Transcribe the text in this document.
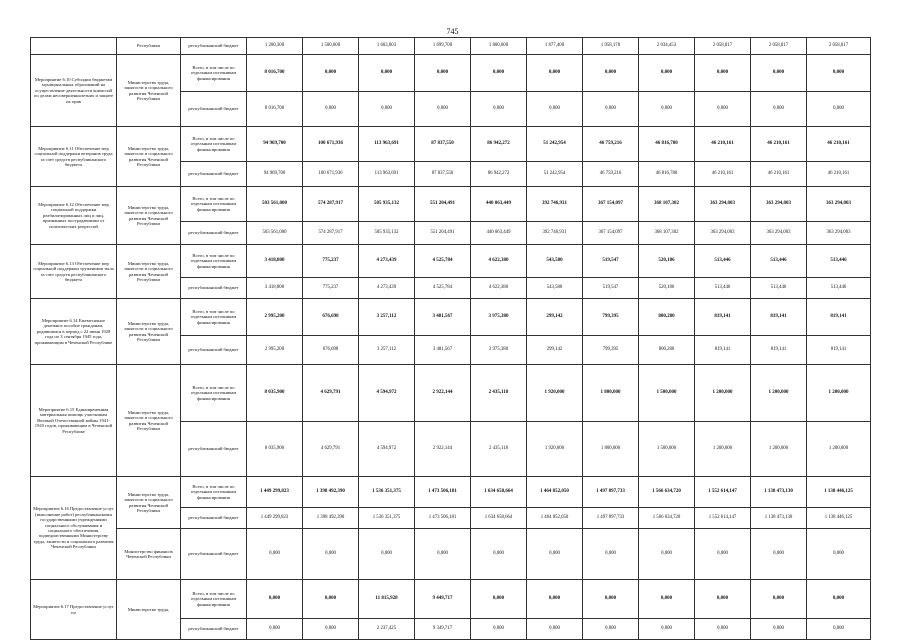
745
	Республики	республиканский бюджет	1 200,300	1 500,000	1 603,003	1 699,700	1 800,000	1 877,400	1 958,178	2 034,453	2 058,817	2 058,817	2 058,817
Мероприятие 6.10 Субсидии бюджетам муниципальных образований на осуществление деятельности комиссий по делам несовершеннолетних и защите их прав	Министерство труда, занятости и социального развития Чеченской Республики	Всего, в том числе по отдельным источникам финансирования	8 016,700	0,000	0,000	0,000	0,000	0,000	0,000	0,000	0,000	0,000	0,000
		республиканский бюджет	8 016,700	0,000	0,000	0,000	0,000	0,000	0,000	0,000	0,000	0,000	0,000
Мероприятие 6.11 Обеспечение мер социальной поддержки ветеранов труда за счет средств республиканского бюджета	Министерство труда, занятости и социального развития Чеченской Республики	Всего, в том числе по отдельным источникам финансирования	94 969,700	100 671,936	113 963,691	87 837,550	86 942,272	51 242,954	46 759,216	46 816,780	46 210,161	46 210,161	46 210,161
		республиканский бюджет	94 969,700	100 671,936	113 963,691	87 837,550	86 942,272	51 242,954	46 759,216	46 816,780	46 210,161	46 210,161	46 210,161
Мероприятие 6.12 Обеспечение мер социальной поддержки реабилитированных лиц и лиц, признанных пострадавшими от политических репрессий	Министерство труда, занятости и социального развития Чеченской Республики	Всего, в том числе по отдельным источникам финансирования	503 561,000	574 287,917	505 935,132	551 204,491	440 063,449	392 746,931	367 154,097	368 107,302	363 294,003	363 294,003	363 294,003
		республиканский бюджет	503 561,000	574 287,917	505 935,132	551 204,491	440 063,449	392 746,931	367 154,097	368 107,302	363 294,003	363 294,003	363 294,003
Мероприятие 6.13 Обеспечение мер социальной поддержки тружеников тыла за счет средств республиканского бюджета	Министерство труда, занятости и социального развития Чеченской Республики	Всего, в том числе по отдельным источникам финансирования	3 418,800	775,237	4 273,439	4 525,784	4 622,380	543,580	519,547	520,186	513,446	513,446	513,446
		республиканский бюджет	3 418,800	775,237	4 273,439	4 525,784	4 622,380	543,580	519,547	520,186	513,446	513,446	513,446
Мероприятие 6.14 Ежемесячное денежное пособие гражданам, родившимся в период с 22 июня 1928 года по 3 сентября 1945 года, проживающим в Чеченской Республике	Министерство труда, занятости и социального развития Чеченской Республики	Всего, в том числе по отдельным источникам финансирования	2 995,200	676,698	3 257,112	3 481,567	3 975,380	299,142	799,395	800,280	819,141	819,141	819,141
		республиканский бюджет	2 995,200	676,698	3 257,112	3 481,567	3 975,380	299,142	799,395	800,280	819,141	819,141	819,141
Мероприятие 6.15 Единовременная материальная помощь участникам Великой Отечественной войны 1941-1945 годов, проживающим в Чеченской Республике	Министерство труда, занятости и социального развития Чеченской Республики	Всего, в том числе по отдельным источникам финансирования	8 035,900	4 629,791	4 594,972	2 922,144	2 435,118	1 920,000	1 800,000	1 500,000	1 200,000	1 200,000	1 200,000
		республиканский бюджет	8 035,900	4 629,791	4 594,972	2 922,144	2 435,118	1 920,000	1 800,000	1 500,000	1 200,000	1 200,000	1 200,000
Мероприятие 6.16 Предоставление услуг (выполнение работ) республиканскими государственными учреждениями социального обслуживания и социального обеспечения, подведомственными Министерству труда, занятости и социального развития Чеченской Республики	Министерство труда, занятости и социального развития Чеченской Республики	Всего, в том числе по отдельным источникам финансирования	1 449 299,823	1 398 492,390	1 536 351,375	1 473 506,181	1 634 658,664	1 464 852,050	1 497 897,733	1 566 634,720	1 552 614,147	1 138 473,130	1 138 446,125
		республиканский бюджет	1 449 299,823	1 398 492,390	1 536 351,375	1 473 506,181	1 634 658,664	1 464 852,050	1 497 897,733	1 566 634,720	1 552 614,147	1 138 473,130	1 138 446,125
	Министерство финансов Чеченской Республики	республиканский бюджет	0,000	0,000	0,000	0,000	0,000	0,000	0,000	0,000	0,000	0,000	0,000
Мероприятие 6.17 Предоставление услуг по	Министерство труда,	Всего, в том числе по отдельным источникам финансирования	0,000	0,000	11 815,928	9 449,717	0,000	0,000	0,000	0,000	0,000	0,000	0,000
		республиканский бюджет	0,000	0,000	2 237,425	9 349,717	0,000	0,000	0,000	0,000	0,000	0,000	0,000
